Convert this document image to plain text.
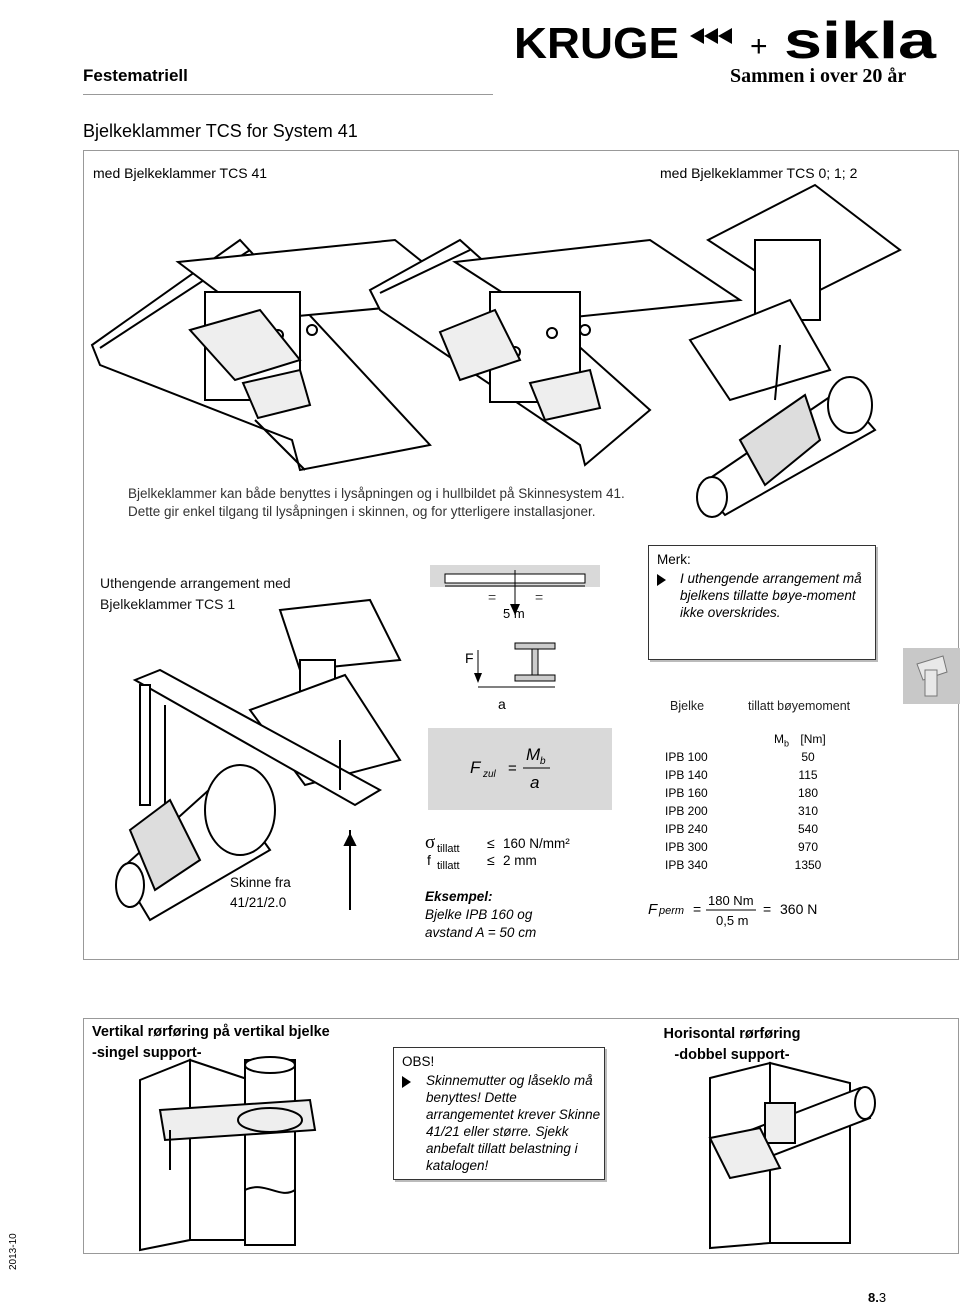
Festematriell
KRUGE + sikla
Sammen i over 20 år
Bjelkeklammer TCS for System 41
med Bjelkeklammer TCS 41	med Bjelkeklammer TCS 0; 1; 2
Bjelkeklammer kan både benyttes i lysåpningen og i hullbildet på Skinnesystem 41.
Dette gir enkel tilgang til lysåpningen i skinnen, og for ytterligere installasjoner.
Uthengende arrangement med
Bjelkeklammer TCS 1	=	=
5 m
Merk:
I uthengende arrangement må bjelkens tillatte bøye-moment ikke overskrides.
F
a
Skinne fra
41/21/2.0
F zul =
M b
a
σ tillatt ≤ 160 N/mm²
f tillatt ≤ 2 mm
Eksempel:
Bjelke IPB 160 og
avstand A = 50 cm
Bjelke	tillatt bøyemoment
$M_b$ [Nm]
IPB 100	50
IPB 140	115
IPB 160	180
IPB 200	310
IPB 240	540
IPB 300	970
IPB 340	1350
F perm =
180 Nm
0,5 m
= 360 N
Vertikal rørføring på vertikal bjelke
-singel support-
OBS!
Skinnemutter og låseklo må benyttes! Dette arrangementet krever Skinne 41/21 eller større. Sjekk anbefalt tillatt belastning i katalogen!
Horisontal rørføring
-dobbel support-
2013-10
8.3
